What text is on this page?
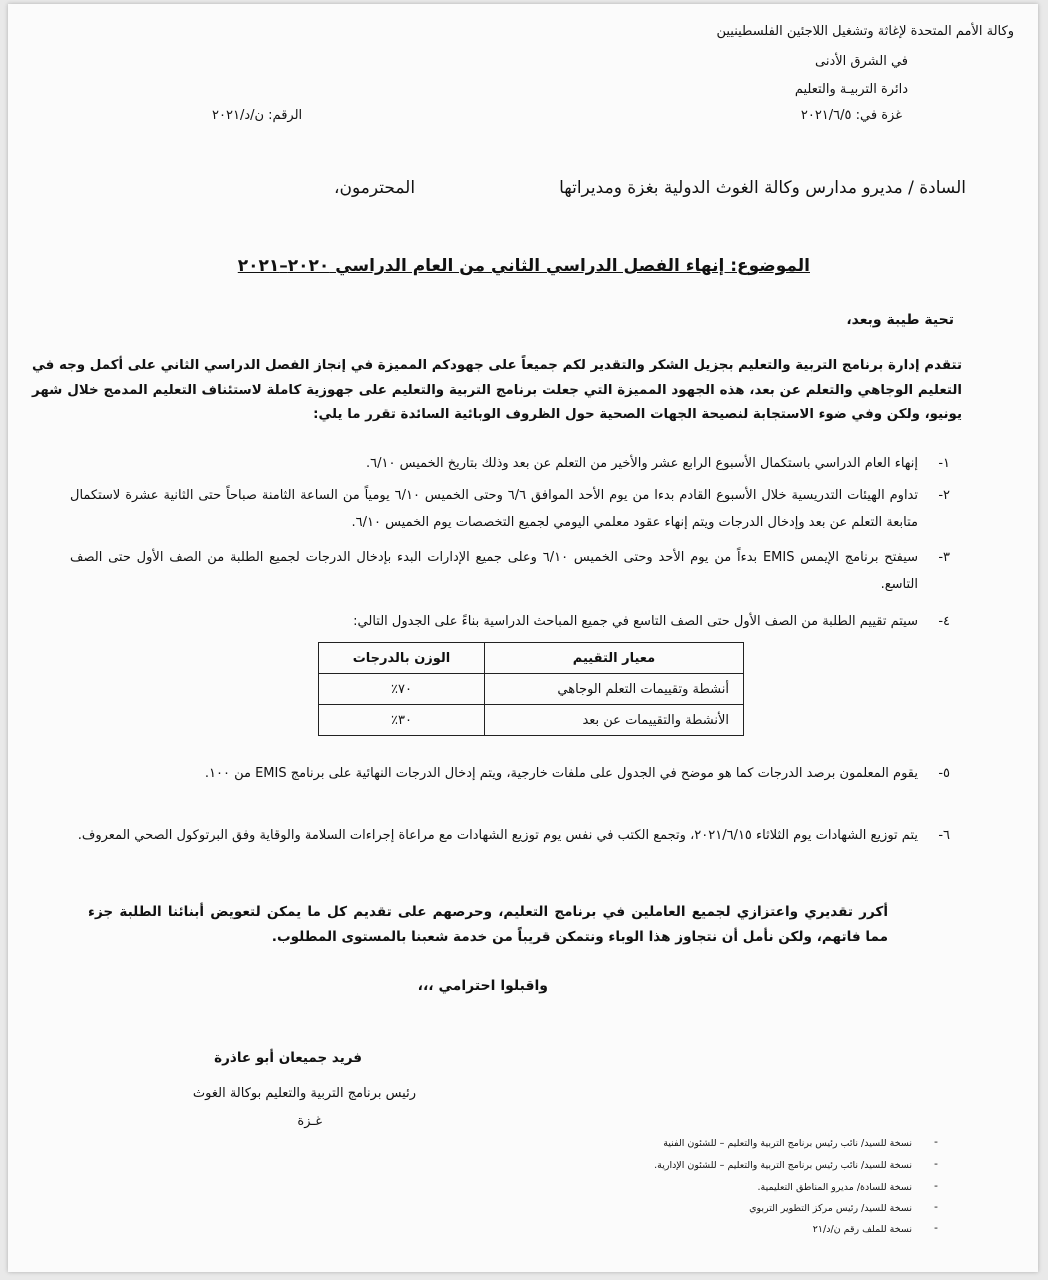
وكالة الأمم المتحدة لإغاثة وتشغيل اللاجئين الفلسطينيين
في الشرق الأدنى
دائرة التربيـة والتعليم
غزة في: ٢٠٢١/٦/٥
الرقم: ن/د/٢٠٢١
السادة / مديرو مدارس وكالة الغوث الدولية بغزة ومديراتها
المحترمون،
الموضوع: إنهاء الفصل الدراسي الثاني من العام الدراسي ٢٠٢٠–٢٠٢١
تحية طيبة وبعد،
تتقدم إدارة برنامج التربية والتعليم بجزيل الشكر والتقدير لكم جميعاً على جهودكم المميزة في إنجاز الفصل الدراسي الثاني على أكمل وجه في التعليم الوجاهي والتعلم عن بعد، هذه الجهود المميزة التي جعلت برنامج التربية والتعليم على جهوزية كاملة لاستئناف التعليم المدمج خلال شهر يونيو، ولكن وفي ضوء الاستجابة لنصيحة الجهات الصحية حول الظروف الوبائية السائدة تقرر ما يلي:
١-
إنهاء العام الدراسي باستكمال الأسبوع الرابع عشر والأخير من التعلم عن بعد وذلك بتاريخ الخميس ٦/١٠.
٢-
تداوم الهيئات التدريسية خلال الأسبوع القادم بدءا من يوم الأحد الموافق ٦/٦ وحتى الخميس ٦/١٠ يومياً من الساعة الثامنة صباحاً حتى الثانية عشرة لاستكمال متابعة التعلم عن بعد وإدخال الدرجات ويتم إنهاء عقود معلمي اليومي لجميع التخصصات يوم الخميس ٦/١٠.
٣-
سيفتح برنامج الإيمس EMIS بدءاً من يوم الأحد وحتى الخميس ٦/١٠ وعلى جميع الإدارات البدء بإدخال الدرجات لجميع الطلبة من الصف الأول حتى الصف التاسع.
٤-
سيتم تقييم الطلبة من الصف الأول حتى الصف التاسع في جميع المباحث الدراسية بناءً على الجدول التالي:
معيار التقييم	الوزن بالدرجات
أنشطة وتقييمات التعلم الوجاهي	٧٠٪
الأنشطة والتقييمات عن بعد	٣٠٪
٥-
يقوم المعلمون برصد الدرجات كما هو موضح في الجدول على ملفات خارجية، ويتم إدخال الدرجات النهائية على برنامج EMIS من ١٠٠.
٦-
يتم توزيع الشهادات يوم الثلاثاء ٢٠٢١/٦/١٥، وتجمع الكتب في نفس يوم توزيع الشهادات مع مراعاة إجراءات السلامة والوقاية وفق البرتوكول الصحي المعروف.
أكرر تقديري واعتزازي لجميع العاملين في برنامج التعليم، وحرصهم على تقديم كل ما يمكن لتعويض أبنائنا الطلبة جزء مما فاتهم، ولكن نأمل أن نتجاوز هذا الوباء ونتمكن قريباً من خدمة شعبنا بالمستوى المطلوب.
واقبلوا احترامي ،،،
فريد جميعان أبو عاذرة
رئيس برنامج التربية والتعليم بوكالة الغوث
غـزة
نسخة للسيد/ نائب رئيس برنامج التربية والتعليم – للشئون الفنية -
نسخة للسيد/ نائب رئيس برنامج التربية والتعليم – للشئون الإدارية. -
نسخة للسادة/ مديرو المناطق التعليمية. -
نسخة للسيد/ رئيس مركز التطوير التربوي -
نسخة للملف رقم ن/د/٢١ -
